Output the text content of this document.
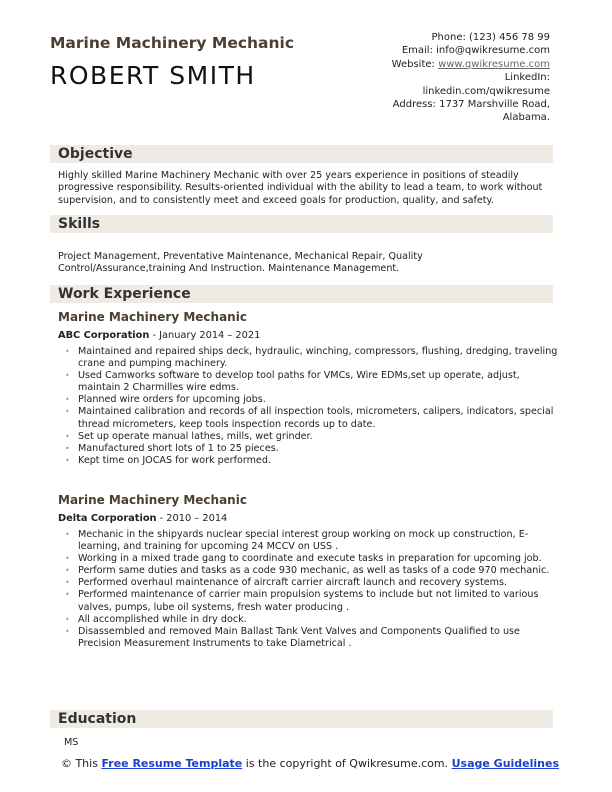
Marine Machinery Mechanic
ROBERT SMITH
Phone: (123) 456 78 99
Email: info@qwikresume.com
Website: www.qwikresume.com
LinkedIn:
linkedin.com/qwikresume
Address: 1737 Marshville Road,
Alabama.
Objective
Highly skilled Marine Machinery Mechanic with over 25 years experience in positions of steadily progressive responsibility. Results-oriented individual with the ability to lead a team, to work without supervision, and to consistently meet and exceed goals for production, quality, and safety.
Skills
Project Management, Preventative Maintenance, Mechanical Repair, Quality Control/Assurance,training And Instruction. Maintenance Management.
Work Experience
Marine Machinery Mechanic
ABC Corporation - January 2014 – 2021
• Maintained and repaired ships deck, hydraulic, winching, compressors, flushing, dredging, traveling crane and pumping machinery.
• Used Camworks software to develop tool paths for VMCs, Wire EDMs,set up operate, adjust, maintain 2 Charmilles wire edms.
• Planned wire orders for upcoming jobs.
• Maintained calibration and records of all inspection tools, micrometers, calipers, indicators, special thread micrometers, keep tools inspection records up to date.
• Set up operate manual lathes, mills, wet grinder.
• Manufactured short lots of 1 to 25 pieces.
• Kept time on JOCAS for work performed.
Marine Machinery Mechanic
Delta Corporation - 2010 – 2014
• Mechanic in the shipyards nuclear special interest group working on mock up construction, E-learning, and training for upcoming 24 MCCV on USS .
• Working in a mixed trade gang to coordinate and execute tasks in preparation for upcoming job.
• Perform same duties and tasks as a code 930 mechanic, as well as tasks of a code 970 mechanic.
• Performed overhaul maintenance of aircraft carrier aircraft launch and recovery systems.
• Performed maintenance of carrier main propulsion systems to include but not limited to various valves, pumps, lube oil systems, fresh water producing .
• All accomplished while in dry dock.
• Disassembled and removed Main Ballast Tank Vent Valves and Components Qualified to use Precision Measurement Instruments to take Diametrical .
Education
MS
© This Free Resume Template is the copyright of Qwikresume.com. Usage Guidelines
